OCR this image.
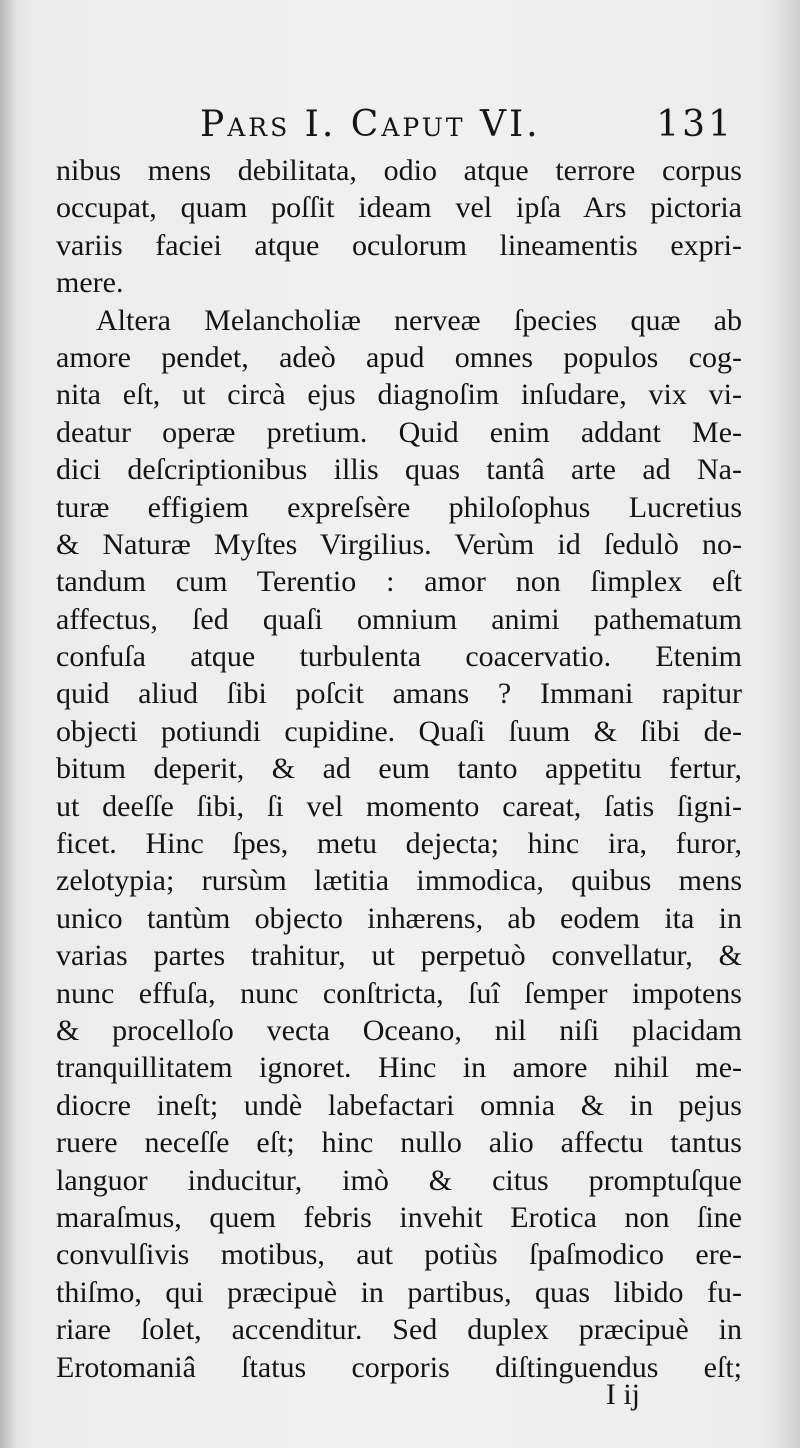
Pars I. Caput VI.	131
nibus mens debilitata, odio atque terrore corpus
occupat, quam poſſit ideam vel ipſa Ars pictoria
variis faciei atque oculorum lineamentis expri-
mere.
Altera Melancholiæ nerveæ ſpecies quæ ab
amore pendet, adeò apud omnes populos cog-
nita eſt, ut circà ejus diagnoſim inſudare, vix vi-
deatur operæ pretium. Quid enim addant Me-
dici deſcriptionibus illis quas tantâ arte ad Na-
turæ effigiem expreſsère philoſophus Lucretius
& Naturæ Myſtes Virgilius. Verùm id ſedulò no-
tandum cum Terentio : amor non ſimplex eſt
affectus, ſed quaſi omnium animi pathematum
confuſa atque turbulenta coacervatio. Etenim
quid aliud ſibi poſcit amans ? Immani rapitur
objecti potiundi cupidine. Quaſi ſuum & ſibi de-
bitum deperit, & ad eum tanto appetitu fertur,
ut deeſſe ſibi, ſi vel momento careat, ſatis ſigni-
ficet. Hinc ſpes, metu dejecta; hinc ira, furor,
zelotypia; rursùm lætitia immodica, quibus mens
unico tantùm objecto inhærens, ab eodem ita in
varias partes trahitur, ut perpetuò convellatur, &
nunc effuſa, nunc conſtricta, ſuî ſemper impotens
& procelloſo vecta Oceano, nil niſi placidam
tranquillitatem ignoret. Hinc in amore nihil me-
diocre ineſt; undè labefactari omnia & in pejus
ruere neceſſe eſt; hinc nullo alio affectu tantus
languor inducitur, imò & citus promptuſque
maraſmus, quem febris invehit Erotica non ſine
convulſivis motibus, aut potiùs ſpaſmodico ere-
thiſmo, qui præcipuè in partibus, quas libido fu-
riare ſolet, accenditur. Sed duplex præcipuè in
Erotomaniâ ſtatus corporis diſtinguendus eſt;
I ij
